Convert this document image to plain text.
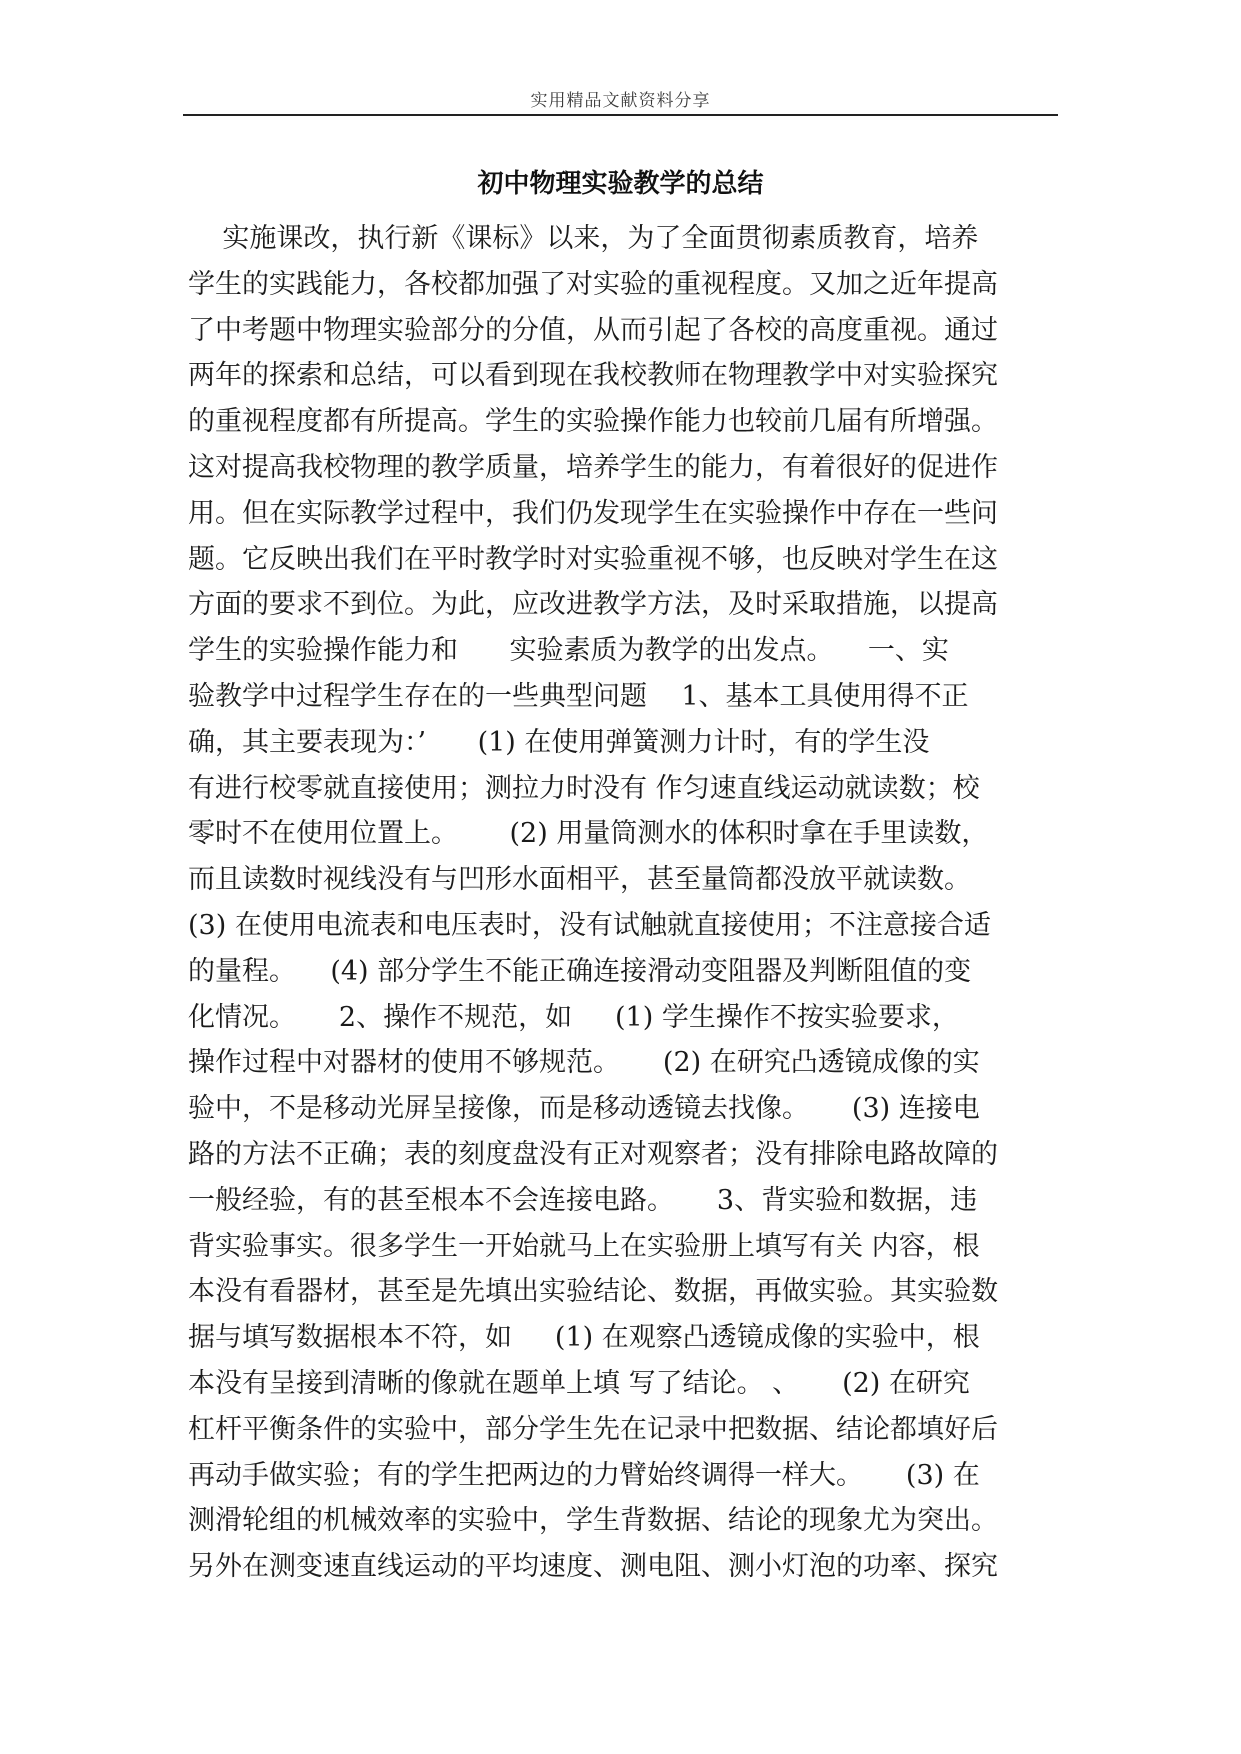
实用精品文献资料分享
初中物理实验教学的总结
实施课改，执行新《课标》以来，为了全面贯彻素质教育，培养
学生的实践能力，各校都加强了对实验的重视程度。又加之近年提高
了中考题中物理实验部分的分值，从而引起了各校的高度重视。通过
两年的探索和总结，可以看到现在我校教师在物理教学中对实验探究
的重视程度都有所提高。学生的实验操作能力也较前几届有所增强。
这对提高我校物理的教学质量，培养学生的能力，有着很好的促进作
用。但在实际教学过程中，我们仍发现学生在实验操作中存在一些问
题。它反映出我们在平时教学时对实验重视不够，也反映对学生在这
方面的要求不到位。为此，应改进教学方法，及时采取措施，以提高
学生的实验操作能力和      实验素质为教学的出发点。    一、实
验教学中过程学生存在的一些典型问题    1、基本工具使用得不正
确，其主要表现为：’      (1) 在使用弹簧测力计时，有的学生没
有进行校零就直接使用；测拉力时没有 作匀速直线运动就读数；校
零时不在使用位置上。      (2) 用量筒测水的体积时拿在手里读数，
而且读数时视线没有与凹形水面相平，甚至量筒都没放平就读数。
(3) 在使用电流表和电压表时，没有试触就直接使用；不注意接合适
的量程。    (4) 部分学生不能正确连接滑动变阻器及判断阻值的变
化情况。     2、操作不规范，如     (1) 学生操作不按实验要求，
操作过程中对器材的使用不够规范。     (2) 在研究凸透镜成像的实
验中，不是移动光屏呈接像，而是移动透镜去找像。     (3) 连接电
路的方法不正确；表的刻度盘没有正对观察者；没有排除电路故障的
一般经验，有的甚至根本不会连接电路。     3、背实验和数据，违
背实验事实。很多学生一开始就马上在实验册上填写有关 内容，根
本没有看器材，甚至是先填出实验结论、数据，再做实验。其实验数
据与填写数据根本不符，如     (1) 在观察凸透镜成像的实验中，根
本没有呈接到清晰的像就在题单上填 写了结论。 、     (2) 在研究
杠杆平衡条件的实验中，部分学生先在记录中把数据、结论都填好后
再动手做实验；有的学生把两边的力臂始终调得一样大。     (3) 在
测滑轮组的机械效率的实验中，学生背数据、结论的现象尤为突出。
另外在测变速直线运动的平均速度、测电阻、测小灯泡的功率、探究
